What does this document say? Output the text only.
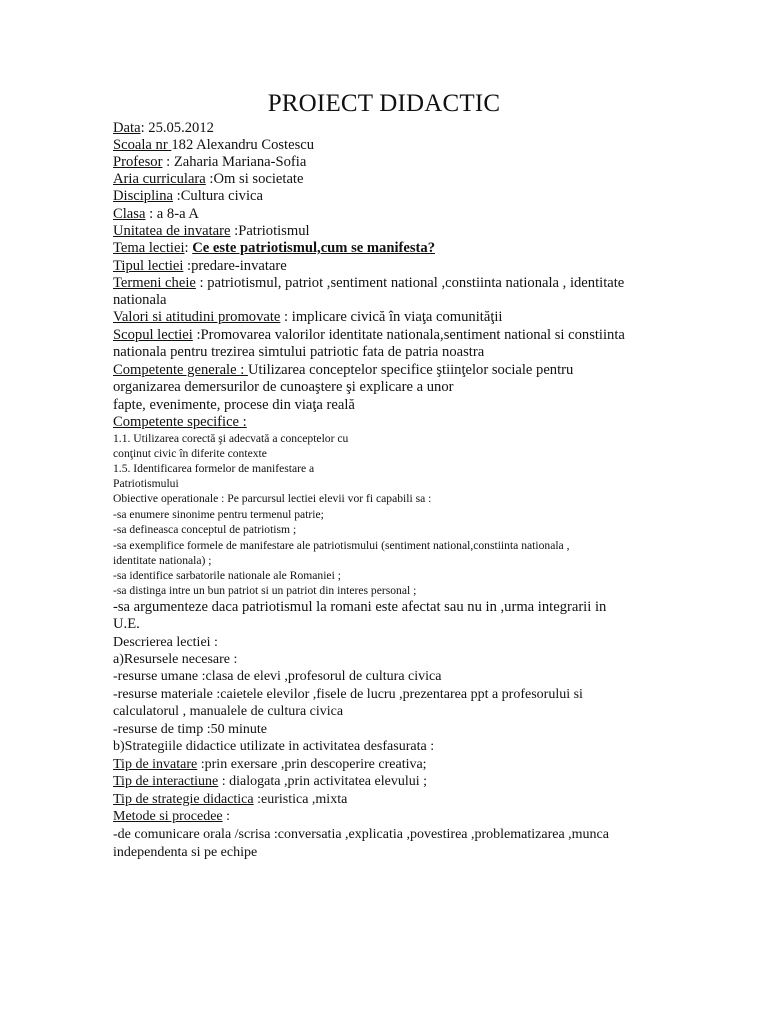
PROIECT DIDACTIC
Data: 25.05.2012
Scoala nr 182 Alexandru Costescu
Profesor : Zaharia Mariana-Sofia
Aria curriculara :Om si societate
Disciplina :Cultura civica
Clasa : a 8-a A
Unitatea de invatare :Patriotismul
Tema lectiei: Ce este patriotismul,cum se manifesta?
Tipul lectiei :predare-invatare
Termeni cheie : patriotismul, patriot ,sentiment national ,constiinta nationala , identitate
nationala
Valori si atitudini promovate : implicare civică în viaţa comunităţii
Scopul lectiei :Promovarea valorilor identitate nationala,sentiment national si constiinta
nationala pentru trezirea simtului patriotic fata de patria noastra
Competente generale : Utilizarea conceptelor specifice ştiinţelor sociale pentru
organizarea demersurilor de cunoaştere şi explicare a unor
fapte, evenimente, procese din viaţa reală
Competente specifice :
1.1. Utilizarea corectă şi adecvată a conceptelor cu
conţinut civic în diferite contexte
1.5. Identificarea formelor de manifestare a
Patriotismului
Obiective operationale : Pe parcursul lectiei elevii vor fi capabili sa :
-sa enumere sinonime pentru termenul patrie;
-sa defineasca conceptul de patriotism ;
-sa exemplifice formele de manifestare ale patriotismului (sentiment national,constiinta nationala ,
identitate nationala) ;
-sa identifice sarbatorile nationale ale Romaniei ;
-sa distinga intre un bun patriot si un patriot din interes personal ;
-sa argumenteze daca patriotismul la romani este afectat sau nu in ,urma integrarii in
U.E.
Descrierea lectiei :
a)Resursele necesare :
-resurse umane :clasa de elevi ,profesorul de cultura civica
-resurse materiale :caietele elevilor ,fisele de lucru ,prezentarea ppt a profesorului si
calculatorul , manualele de cultura civica
-resurse de timp :50 minute
b)Strategiile didactice utilizate in activitatea desfasurata :
Tip de invatare :prin exersare ,prin descoperire creativa;
Tip de interactiune : dialogata ,prin activitatea elevului ;
Tip de strategie didactica :euristica ,mixta
Metode si procedee :
-de comunicare orala /scrisa :conversatia ,explicatia ,povestirea ,problematizarea ,munca
independenta si pe echipe
